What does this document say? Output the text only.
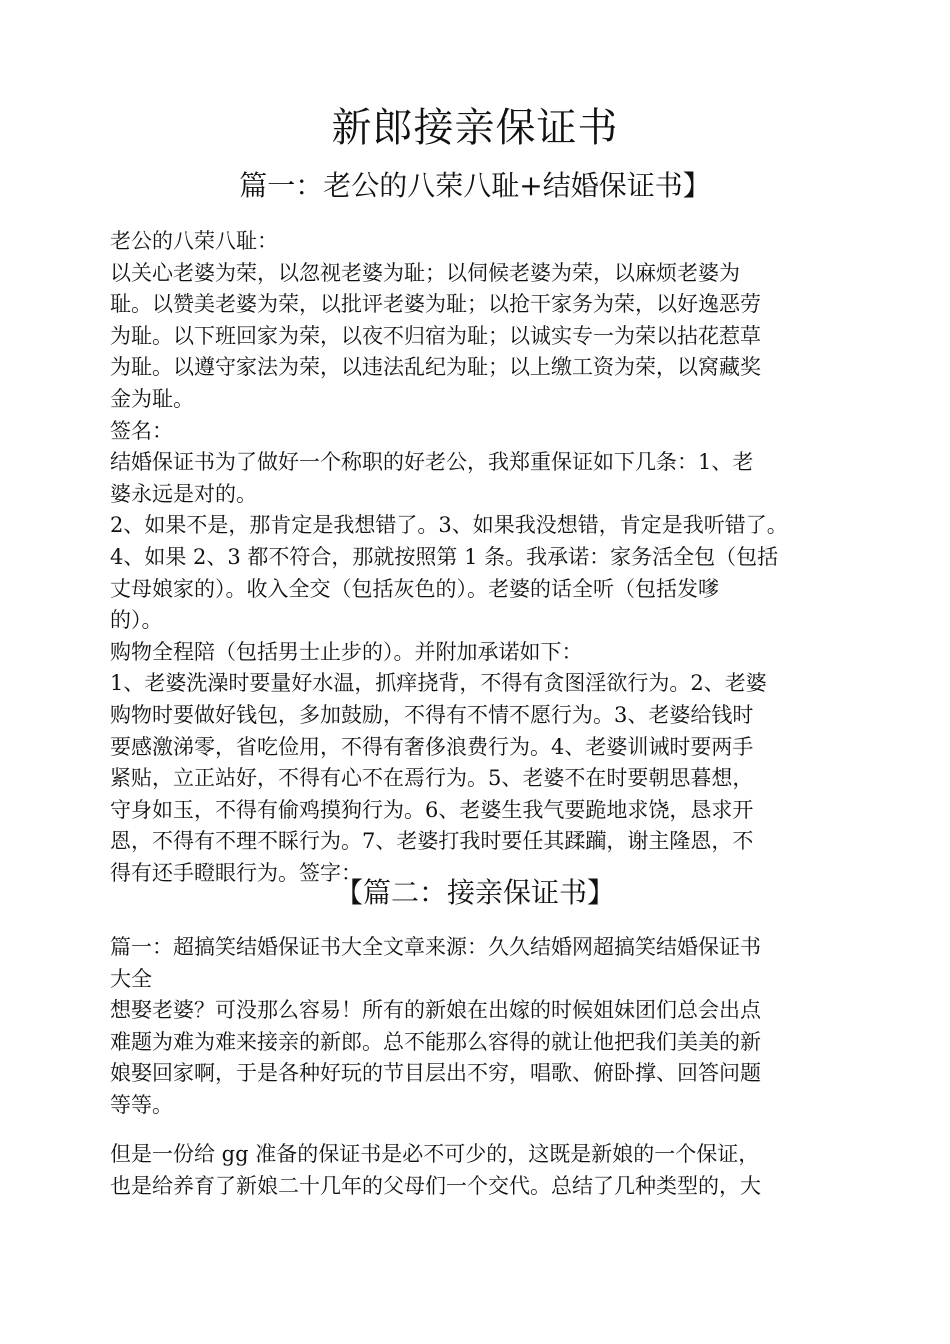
新郎接亲保证书
篇一：老公的八荣八耻+结婚保证书】
老公的八荣八耻：
以关心老婆为荣，以忽视老婆为耻；以伺候老婆为荣，以麻烦老婆为
耻。以赞美老婆为荣，以批评老婆为耻；以抢干家务为荣，以好逸恶劳
为耻。以下班回家为荣，以夜不归宿为耻；以诚实专一为荣以拈花惹草
为耻。以遵守家法为荣，以违法乱纪为耻；以上缴工资为荣，以窝藏奖
金为耻。
签名：
结婚保证书为了做好一个称职的好老公，我郑重保证如下几条：1、老
婆永远是对的。
2、如果不是，那肯定是我想错了。3、如果我没想错，肯定是我听错了。
4、如果 2、3 都不符合，那就按照第 1 条。我承诺：家务活全包（包括
丈母娘家的）。收入全交（包括灰色的）。老婆的话全听（包括发嗲
的）。
购物全程陪（包括男士止步的）。并附加承诺如下：
1、老婆洗澡时要量好水温，抓痒挠背，不得有贪图淫欲行为。2、老婆
购物时要做好钱包，多加鼓励，不得有不情不愿行为。3、老婆给钱时
要感激涕零，省吃俭用，不得有奢侈浪费行为。4、老婆训诫时要两手
紧贴，立正站好，不得有心不在焉行为。5、老婆不在时要朝思暮想，
守身如玉，不得有偷鸡摸狗行为。6、老婆生我气要跪地求饶，恳求开
恩，不得有不理不睬行为。7、老婆打我时要任其蹂躏，谢主隆恩，不
得有还手瞪眼行为。签字：
【篇二：接亲保证书】
篇一：超搞笑结婚保证书大全文章来源：久久结婚网超搞笑结婚保证书
大全
想娶老婆？可没那么容易！所有的新娘在出嫁的时候姐妹团们总会出点
难题为难为难来接亲的新郎。总不能那么容得的就让他把我们美美的新
娘娶回家啊，于是各种好玩的节目层出不穷，唱歌、俯卧撑、回答问题
等等。
但是一份给 gg 准备的保证书是必不可少的，这既是新娘的一个保证，
也是给养育了新娘二十几年的父母们一个交代。总结了几种类型的，大
